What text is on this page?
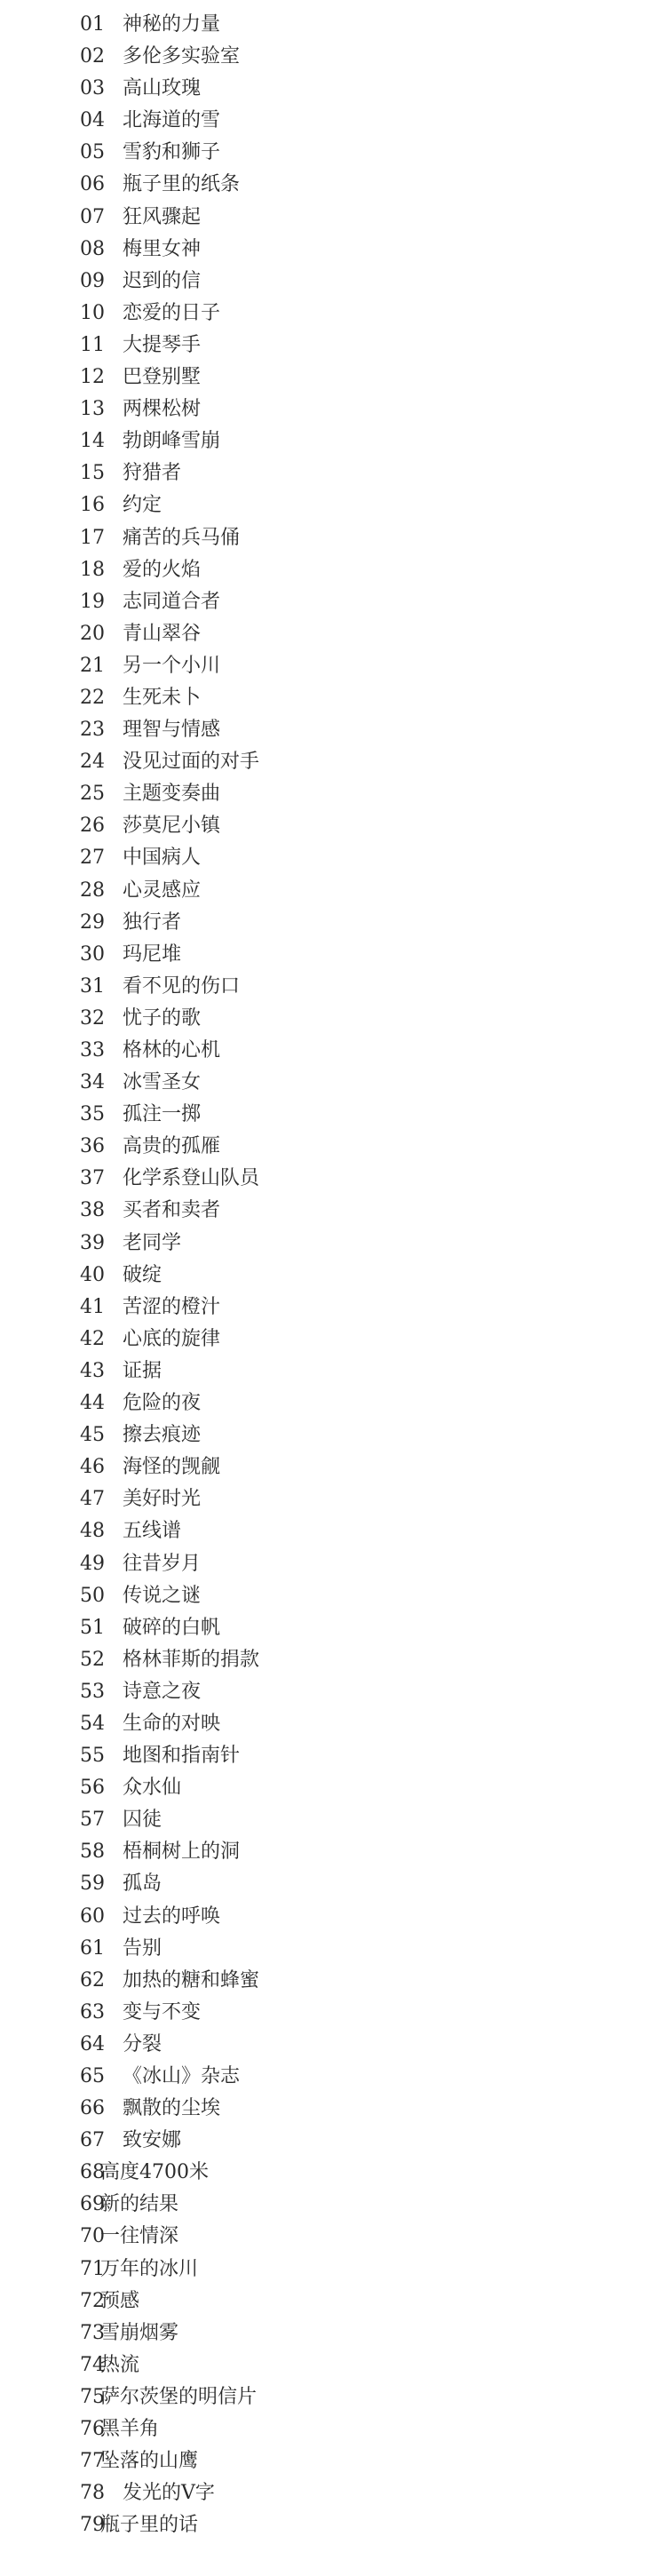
01 神秘的力量
02 多伦多实验室
03 高山玫瑰
04 北海道的雪
05 雪豹和狮子
06 瓶子里的纸条
07 狂风骤起
08 梅里女神
09 迟到的信
10 恋爱的日子
11 大提琴手
12 巴登别墅
13 两棵松树
14 勃朗峰雪崩
15 狩猎者
16 约定
17 痛苦的兵马俑
18 爱的火焰
19 志同道合者
20 青山翠谷
21 另一个小川
22 生死未卜
23 理智与情感
24 没见过面的对手
25 主题变奏曲
26 莎莫尼小镇
27 中国病人
28 心灵感应
29 独行者
30 玛尼堆
31 看不见的伤口
32 忧子的歌
33 格林的心机
34 冰雪圣女
35 孤注一掷
36 高贵的孤雁
37 化学系登山队员
38 买者和卖者
39 老同学
40 破绽
41 苦涩的橙汁
42 心底的旋律
43 证据
44 危险的夜
45 擦去痕迹
46 海怪的觊觎
47 美好时光
48 五线谱
49 往昔岁月
50 传说之谜
51 破碎的白帆
52 格林菲斯的捐款
53 诗意之夜
54 生命的对映
55 地图和指南针
56 众水仙
57 囚徒
58 梧桐树上的洞
59 孤岛
60 过去的呼唤
61 告别
62 加热的糖和蜂蜜
63 变与不变
64 分裂
65 《冰山》杂志
66 飘散的尘埃
67 致安娜
68
高度4700米
69
新的结果
70
一往情深
71
万年的冰川
72
预感
73
雪崩烟雾
74
热流
75
萨尔茨堡的明信片
76
黑羊角
77
坠落的山鹰
78 发光的V字
79
瓶子里的话
